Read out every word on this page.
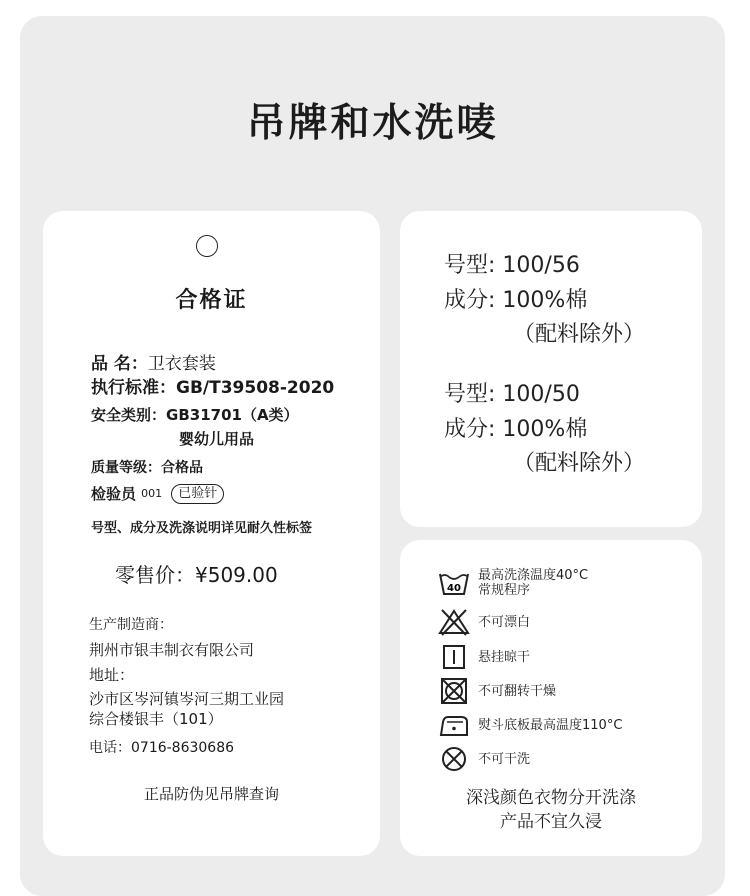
吊牌和水洗唛
合格证
品 名：卫衣套装
执行标准：GB/T39508-2020
安全类别：GB31701（A类）
婴幼儿用品
质量等级：合格品
检验员 001 已验针
号型、成分及洗涤说明详见耐久性标签
零售价：¥509.00
生产制造商：
荆州市银丰制衣有限公司
地址：
沙市区岑河镇岑河三期工业园
综合楼银丰（101）
电话：0716-8630686
正品防伪见吊牌查询
号型: 100/56
成分: 100%棉
（配料除外）
号型: 100/50
成分: 100%棉
（配料除外）
40
最高洗涤温度40°C
常规程序
不可漂白
悬挂晾干
不可翻转干燥
熨斗底板最高温度110°C
不可干洗
深浅颜色衣物分开洗涤
产品不宜久浸
